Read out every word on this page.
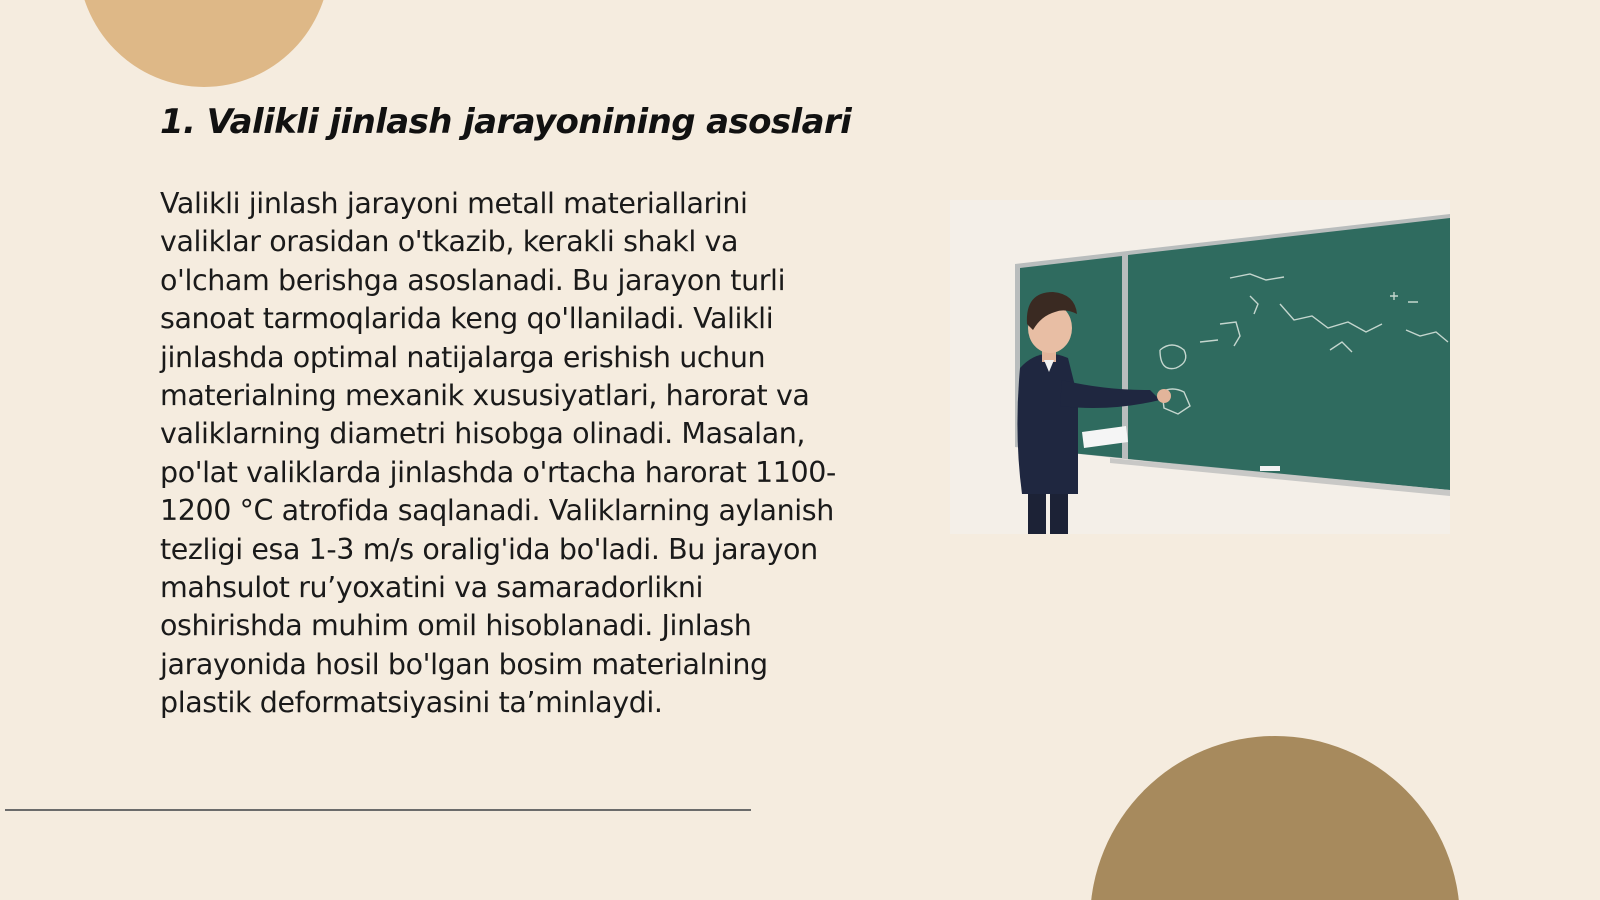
1. Valikli jinlash jarayonining asoslari

Valikli jinlash jarayoni metall materiallarini valiklar orasidan o'tkazib, kerakli shakl va o'lcham berishga asoslanadi. Bu jarayon turli sanoat tarmoqlarida keng qo'llaniladi. Valikli jinlashda optimal natijalarga erishish uchun materialning mexanik xususiyatlari, harorat va valiklarning diametri hisobga olinadi. Masalan, po'lat valiklarda jinlashda o'rtacha harorat 1100-1200 °C atrofida saqlanadi. Valiklarning aylanish tezligi esa 1-3 m/s oralig'ida bo'ladi. Bu jarayon mahsulot ru’yoxatini va samaradorlikni oshirishda muhim omil hisoblanadi. Jinlash jarayonida hosil bo'lgan bosim materialning plastik deformatsiyasini ta’minlaydi.
